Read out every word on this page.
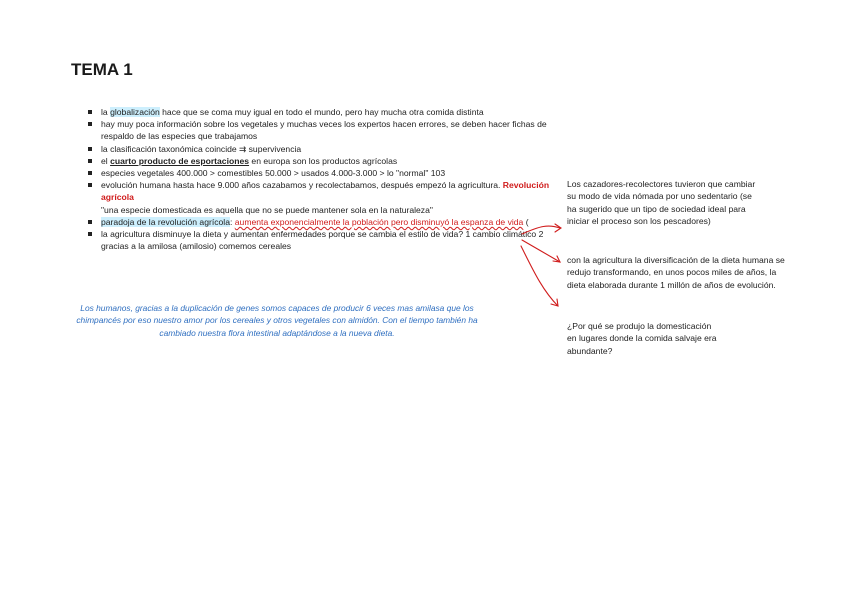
TEMA 1
la globalización hace que se coma muy igual en todo el mundo, pero hay mucha otra comida distinta
hay muy poca información sobre los vegetales y muchas veces los expertos hacen errores, se deben hacer fichas de respaldo de las especies que trabajamos
la clasificación taxonómica coincide ⇉ supervivencia
el cuarto producto de esportaciones en europa son los productos agrícolas
especies vegetales 400.000 > comestibles 50.000 > usados 4.000-3.000 > lo "normal" 103
evolución humana hasta hace 9.000 años cazabamos y recolectabamos, después empezó la agricultura. Revolución agrícola
"una especie domesticada es aquella que no se puede mantener sola en la naturaleza"
paradoja de la revolución agrícola: aumenta exponencialmente la población pero disminuyó la espanza de vida (
la agricultura disminuye la dieta y aumentan enfermedades porque se cambia el estilo de vida? 1 cambio climático 2 gracias a la amilosa (amilosio) comemos cereales
Los humanos, gracias a la duplicación de genes somos capaces de producir 6 veces mas amilasa que los chimpancés por eso nuestro amor por los cereales y otros vegetales con almidón. Con el tiempo también ha cambiado nuestra flora intestinal adaptándose a la nueva dieta.
Los cazadores-recolectores tuvieron que cambiar su modo de vida nómada por uno sedentario (se ha sugerido que un tipo de sociedad ideal para iniciar el proceso son los pescadores)
con la agricultura la diversificación de la dieta humana se redujo transformando, en unos pocos miles de años, la dieta elaborada durante 1 millón de años de evolución.
¿Por qué se produjo la domesticación en lugares donde la comida salvaje era abundante?
